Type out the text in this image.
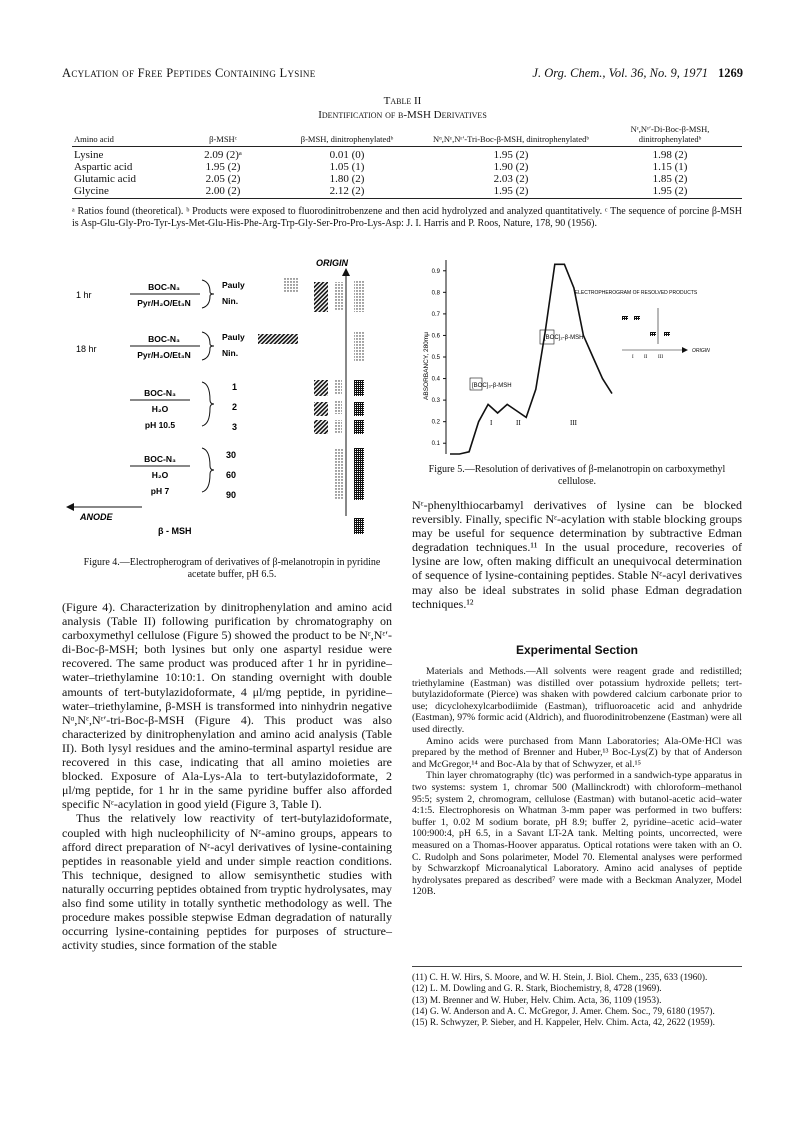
Acylation of Free Peptides Containing Lysine	J. Org. Chem., Vol. 36, No. 9, 1971 1269
Table II
Identification of β-MSH Derivatives
Amino acid	β-MSHᶜ	β-MSH, dinitrophenylatedᵇ	Nᵅ,Nᵋ,Nᵋ′-Tri-Boc-β-MSH, dinitrophenylatedᵇ	Nᵋ,Nᵋ′-Di-Boc-β-MSH, dinitrophenylatedᵇ
Lysine	2.09 (2)ᵃ	0.01 (0)	1.95 (2)	1.98 (2)
Aspartic acid	1.95 (2)	1.05 (1)	1.90 (2)	1.15 (1)
Glutamic acid	2.05 (2)	1.80 (2)	2.03 (2)	1.85 (2)
Glycine	2.00 (2)	2.12 (2)	1.95 (2)	1.95 (2)
ᵃ Ratios found (theoretical). ᵇ Products were exposed to fluorodinitrobenzene and then acid hydrolyzed and analyzed quantitatively. ᶜ The sequence of porcine β-MSH is Asp-Glu-Gly-Pro-Tyr-Lys-Met-Glu-His-Phe-Arg-Trp-Gly-Ser-Pro-Pro-Lys-Asp: J. I. Harris and P. Roos, Nature, 178, 90 (1956).
ORIGIN
ANODE
1 hr
BOC-N₃
Pyr/H₂O/Et₃N
Pauly
Nin.
18 hr
BOC-N₃
Pyr/H₂O/Et₃N
Pauly
Nin.
BOC-N₃
H₂O
pH 10.5
1
2
3
BOC-N₃
H₂O
pH 7
30
60
90
β - MSH
Figure 4.—Electropherogram of derivatives of β-melanotropin in pyridine acetate buffer, pH 6.5.
ABSORBANCY, 280mμ
0.9
0.8
0.7
0.6
0.5
0.4
0.3
0.2
0.1
[BOC]₂-β-MSH
[BOC]₃-β-MSH
I	II	III
ELECTROPHEROGRAM OF RESOLVED PRODUCTS
ORIGIN
I II III
Figure 5.—Resolution of derivatives of β-melanotropin on carboxymethyl cellulose.

(Figure 4). Characterization by dinitrophenylation and amino acid analysis (Table II) following purification by chromatography on carboxymethyl cellulose (Figure 5) showed the product to be Nᵋ,Nᵋ′-di-Boc-β-MSH; both lysines but only one aspartyl residue were recovered. The same product was produced after 1 hr in pyridine–water–triethylamine 10:10:1. On standing overnight with double amounts of tert-butylazidoformate, 4 μl/mg peptide, in pyridine–water–triethylamine, β-MSH is transformed into ninhydrin negative Nᵅ,Nᵋ,Nᵋ′-tri-Boc-β-MSH (Figure 4). This product was also characterized by dinitrophenylation and amino acid analysis (Table II). Both lysyl residues and the amino-terminal aspartyl residue are recovered in this case, indicating that all amino moieties are blocked. Exposure of Ala-Lys-Ala to tert-butylazidoformate, 2 μl/mg peptide, for 1 hr in the same pyridine buffer also afforded specific Nᵋ-acylation in good yield (Figure 3, Table I).

Thus the relatively low reactivity of tert-butylazidoformate, coupled with high nucleophilicity of Nᵋ-amino groups, appears to afford direct preparation of Nᵋ-acyl derivatives of lysine-containing peptides in reasonable yield and under simple reaction conditions. This technique, designed to allow semisynthetic studies with naturally occurring peptides obtained from tryptic hydrolysates, may also find some utility in totally synthetic methodology as well. The procedure makes possible stepwise Edman degradation of naturally occurring lysine-containing peptides for purposes of structure–activity studies, since formation of the stable

Nᵋ-phenylthiocarbamyl derivatives of lysine can be blocked reversibly. Finally, specific Nᵋ-acylation with stable blocking groups may be useful for sequence determination by subtractive Edman degradation techniques.¹¹ In the usual procedure, recoveries of lysine are low, often making difficult an unequivocal determination of sequence of lysine-containing peptides. Stable Nᵋ-acyl derivatives may also be ideal substrates in solid phase Edman degradation techniques.¹²

Experimental Section

Materials and Methods.—All solvents were reagent grade and redistilled; triethylamine (Eastman) was distilled over potassium hydroxide pellets; tert-butylazidoformate (Pierce) was shaken with powdered calcium carbonate prior to use; dicyclohexylcarbodiimide (Eastman), trifluoroacetic acid and anhydride (Eastman), 97% formic acid (Aldrich), and fluorodinitrobenzene (Eastman) were all used directly.

Amino acids were purchased from Mann Laboratories; Ala-OMe·HCl was prepared by the method of Brenner and Huber,¹³ Boc-Lys(Z) by that of Anderson and McGregor,¹⁴ and Boc-Ala by that of Schwyzer, et al.¹⁵

Thin layer chromatography (tlc) was performed in a sandwich-type apparatus in two systems: system 1, chromar 500 (Mallinckrodt) with chloroform–methanol 95:5; system 2, chromogram, cellulose (Eastman) with butanol-acetic acid–water 4:1:5. Electrophoresis on Whatman 3-mm paper was performed in two buffers: buffer 1, 0.02 M sodium borate, pH 8.9; buffer 2, pyridine–acetic acid–water 100:900:4, pH 6.5, in a Savant LT-2A tank. Melting points, uncorrected, were measured on a Thomas-Hoover apparatus. Optical rotations were taken with an O. C. Rudolph and Sons polarimeter, Model 70. Elemental analyses were performed by Schwarzkopf Microanalytical Laboratory. Amino acid analyses of peptide hydrolysates prepared as described⁷ were made with a Beckman Analyzer, Model 120B.

(11) C. H. W. Hirs, S. Moore, and W. H. Stein, J. Biol. Chem., 235, 633 (1960).
(12) L. M. Dowling and G. R. Stark, Biochemistry, 8, 4728 (1969).
(13) M. Brenner and W. Huber, Helv. Chim. Acta, 36, 1109 (1953).
(14) G. W. Anderson and A. C. McGregor, J. Amer. Chem. Soc., 79, 6180 (1957).
(15) R. Schwyzer, P. Sieber, and H. Kappeler, Helv. Chim. Acta, 42, 2622 (1959).
